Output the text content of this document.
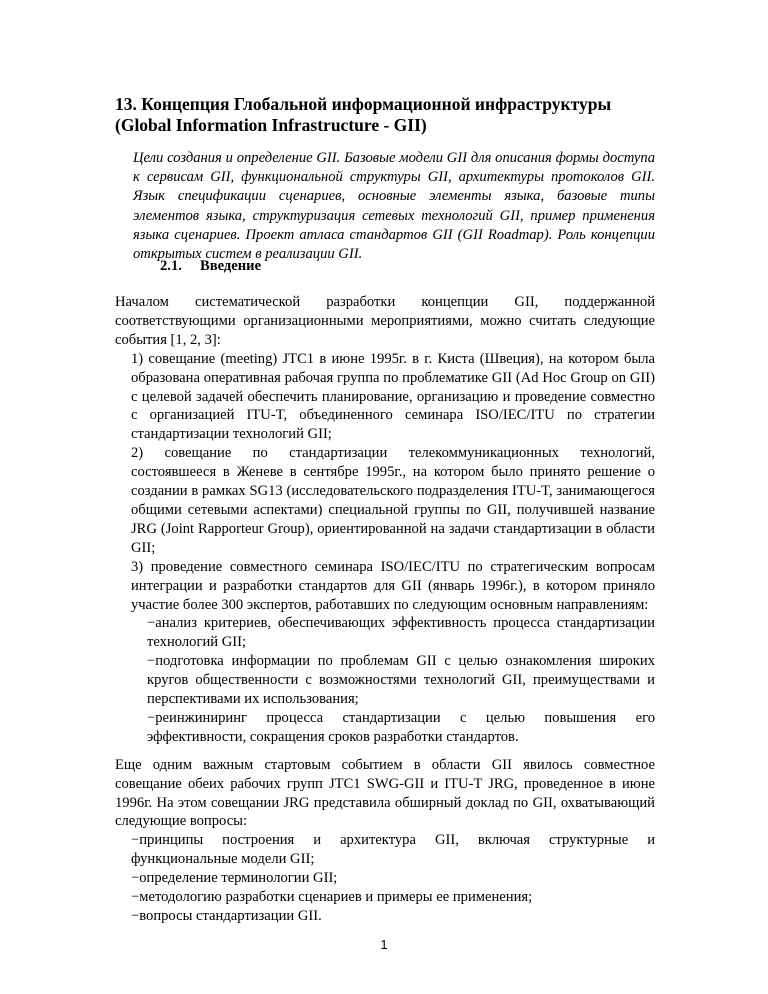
13. Концепция Глобальной информационной инфраструктуры (Global Information Infrastructure - GII)
Цели создания и определение GII. Базовые модели GII для описания формы доступа к сервисам GII, функциональной структуры GII, архитектуры протоколов GII. Язык спецификации сценариев, основные элементы языка, базовые типы элементов языка, структуризация сетевых технологий GII, пример применения языка сценариев. Проект атласа стандартов GII (GII Roadmap). Роль концепции открытых систем в реализации GII.
2.1. Введение

Началом систематической разработки концепции GII, поддержанной соответствующими организационными мероприятиями, можно считать следующие события [1, 2, 3]:

1) совещание (meeting) JTC1 в июне 1995г. в г. Киста (Швеция), на котором была образована оперативная рабочая группа по проблематике GII (Ad Hoc Group on GII) с целевой задачей обеспечить планирование, организацию и проведение совместно с организацией ITU-T, объединенного семинара ISO/IEC/ITU по стратегии стандартизации технологий GII;

2) совещание по стандартизации телекоммуникационных технологий, состоявшееся в Женеве в сентябре 1995г., на котором было принято решение о создании в рамках SG13 (исследовательского подразделения ITU-T, занимающегося общими сетевыми аспектами) специальной группы по GII, получившей название JRG (Joint Rapporteur Group), ориентированной на задачи стандартизации в области GII;

3) проведение совместного семинара ISO/IEC/ITU по стратегическим вопросам интеграции и разработки стандартов для GII (январь 1996г.), в котором приняло участие более 300 экспертов, работавших по следующим основным направлениям:

−анализ критериев, обеспечивающих эффективность процесса стандартизации технологий GII;

−подготовка информации по проблемам GII с целью ознакомления широких кругов общественности с возможностями технологий GII, преимуществами и перспективами их использования;

−реинжиниринг процесса стандартизации с целью повышения его эффективности, сокращения сроков разработки стандартов.

Еще одним важным стартовым событием в области GII явилось совместное совещание обеих рабочих групп JTC1 SWG-GII и ITU-T JRG, проведенное в июне 1996г. На этом совещании JRG представила обширный доклад по GII, охватывающий следующие вопросы:

−принципы построения и архитектура GII, включая структурные и функциональные модели GII;

−определение терминологии GII;

−методологию разработки сценариев и примеры ее применения;

−вопросы стандартизации GII.

1
